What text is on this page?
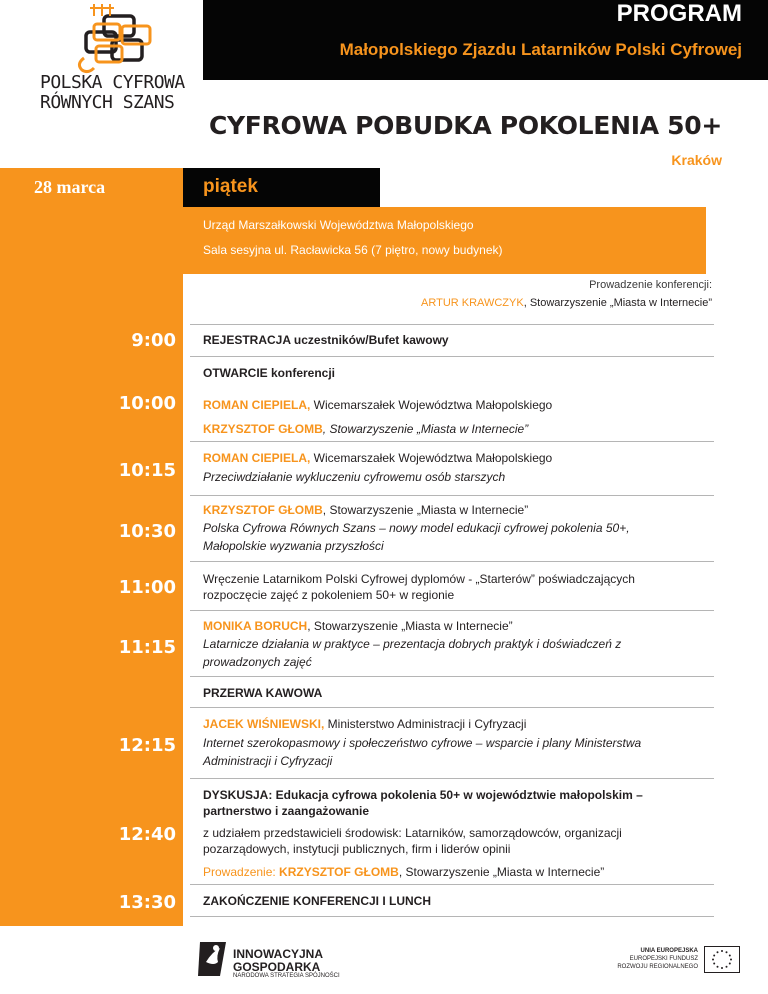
POLSKA CYFROWA
RÓWNYCH SZANS
PROGRAM
Małopolskiego Zjazdu Latarników Polski Cyfrowej
CYFROWA POBUDKA POKOLENIA 50+
Kraków
28 marca	piątek
Urząd Marszałkowski Województwa Małopolskiego
Sala sesyjna ul. Racławicka 56 (7 piętro, nowy budynek)
Prowadzenie konferencji:
ARTUR KRAWCZYK, Stowarzyszenie „Miasta w Internecie”
9:00 REJESTRACJA uczestników/Bufet kawowy
OTWARCIE konferencji
10:00 ROMAN CIEPIELA, Wicemarszałek Województwa Małopolskiego
KRZYSZTOF GŁOMB, Stowarzyszenie „Miasta w Internecie”
10:15
ROMAN CIEPIELA, Wicemarszałek Województwa Małopolskiego
Przeciwdziałanie wykluczeniu cyfrowemu osób starszych
10:30
KRZYSZTOF GŁOMB, Stowarzyszenie „Miasta w Internecie”
Polska Cyfrowa Równych Szans – nowy model edukacji cyfrowej pokolenia 50+,
Małopolskie wyzwania przyszłości
11:00 Wręczenie Latarnikom Polski Cyfrowej dyplomów - „Starterów” poświadczających
rozpoczęcie zajęć z pokoleniem 50+ w regionie
11:15
MONIKA BORUCH, Stowarzyszenie „Miasta w Internecie”
Latarnicze działania w praktyce – prezentacja dobrych praktyk i doświadczeń z
prowadzonych zajęć
PRZERWA KAWOWA
12:15
JACEK WIŚNIEWSKI, Ministerstwo Administracji i Cyfryzacji
Internet szerokopasmowy i społeczeństwo cyfrowe – wsparcie i plany Ministerstwa
Administracji i Cyfryzacji
DYSKUSJA: Edukacja cyfrowa pokolenia 50+ w województwie małopolskim –
partnerstwo i zaangażowanie
12:40 z udziałem przedstawicieli środowisk: Latarników, samorządowców, organizacji
pozarządowych, instytucji publicznych, firm i liderów opinii
Prowadzenie: KRZYSZTOF GŁOMB, Stowarzyszenie „Miasta w Internecie”
13:30 ZAKOŃCZENIE KONFERENCJI I LUNCH
INNOWACYJNA
GOSPODARKA
NARODOWA STRATEGIA SPÓJNOŚCI
UNIA EUROPEJSKA
EUROPEJSKI FUNDUSZ
ROZWOJU REGIONALNEGO
